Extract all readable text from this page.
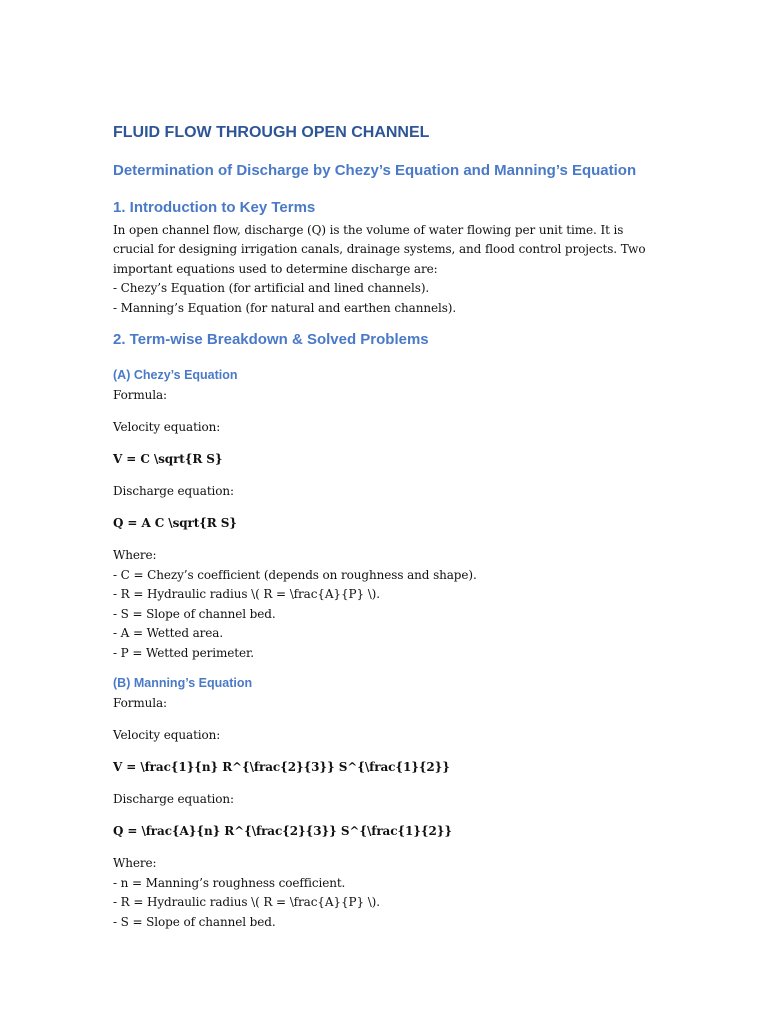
FLUID FLOW THROUGH OPEN CHANNEL
Determination of Discharge by Chezy’s Equation and Manning’s Equation
1. Introduction to Key Terms

In open channel flow, discharge (Q) is the volume of water flowing per unit time. It is crucial for designing irrigation canals, drainage systems, and flood control projects. Two important equations used to determine discharge are:
- Chezy’s Equation (for artificial and lined channels).
- Manning’s Equation (for natural and earthen channels).

2. Term-wise Breakdown & Solved Problems
(A) Chezy’s Equation

Formula:

Velocity equation:

V = C \sqrt{R S}

Discharge equation:

Q = A C \sqrt{R S}

Where:

- C = Chezy’s coefficient (depends on roughness and shape).
- R = Hydraulic radius \( R = \frac{A}{P} \).
- S = Slope of channel bed.
- A = Wetted area.
- P = Wetted perimeter.
(B) Manning’s Equation

Formula:

Velocity equation:

V = \frac{1}{n} R^{\frac{2}{3}} S^{\frac{1}{2}}

Discharge equation:

Q = \frac{A}{n} R^{\frac{2}{3}} S^{\frac{1}{2}}

Where:

- n = Manning’s roughness coefficient.
- R = Hydraulic radius \( R = \frac{A}{P} \).
- S = Slope of channel bed.
